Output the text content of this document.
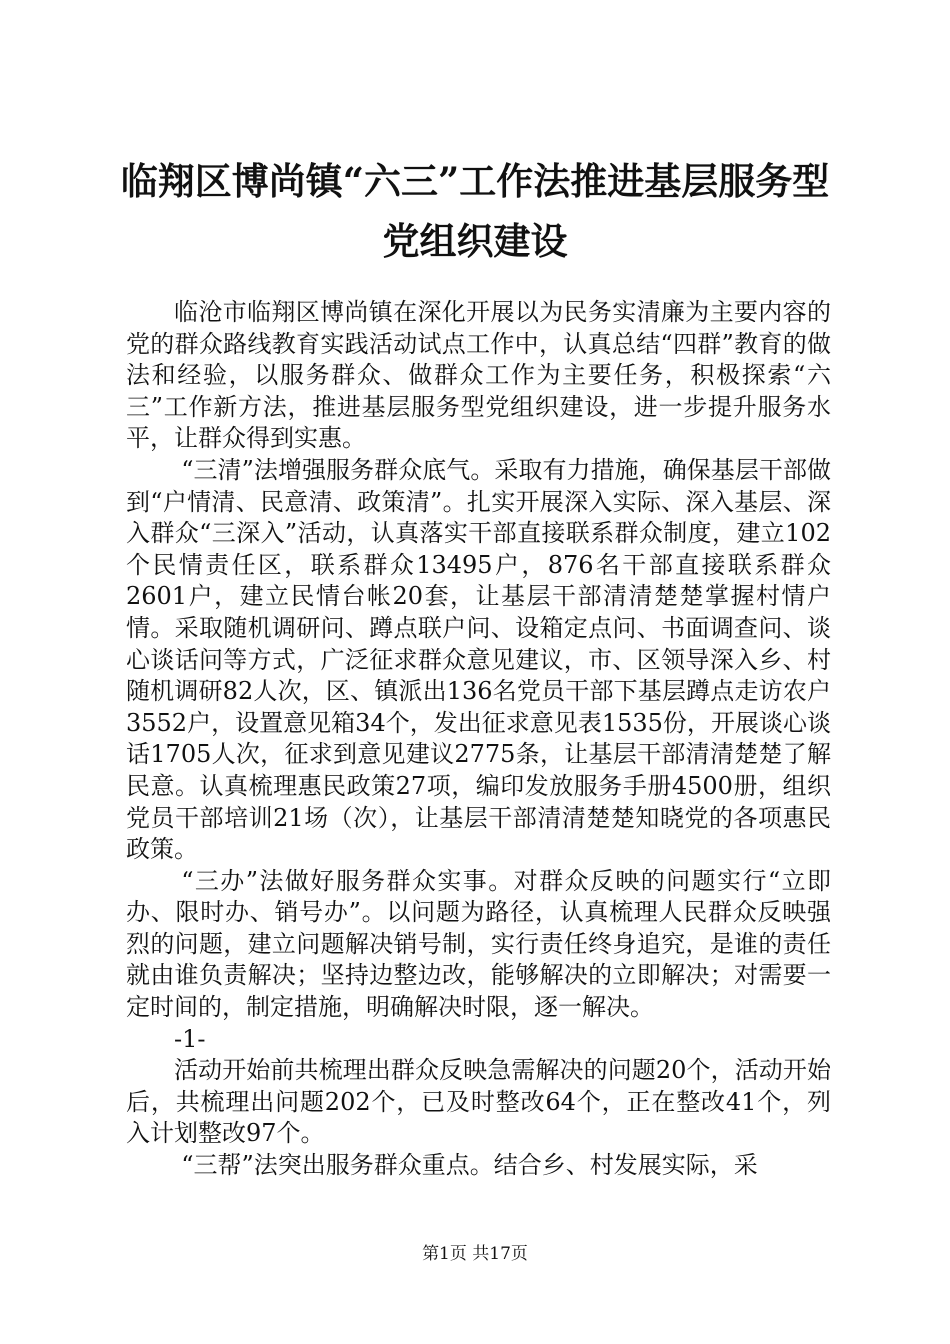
临翔区博尚镇“六三”工作法推进基层服务型
党组织建设

临沧市临翔区博尚镇在深化开展以为民务实清廉为主要内容的党的群众路线教育实践活动试点工作中，认真总结“四群”教育的做法和经验，以服务群众、做群众工作为主要任务，积极探索“六三”工作新方法，推进基层服务型党组织建设，进一步提升服务水平，让群众得到实惠。

“三清”法增强服务群众底气。采取有力措施，确保基层干部做到“户情清、民意清、政策清”。扎实开展深入实际、深入基层、深入群众“三深入”活动，认真落实干部直接联系群众制度，建立102个民情责任区，联系群众13495户，876名干部直接联系群众2601户，建立民情台帐20套，让基层干部清清楚楚掌握村情户情。采取随机调研问、蹲点联户问、设箱定点问、书面调查问、谈心谈话问等方式，广泛征求群众意见建议，市、区领导深入乡、村随机调研82人次，区、镇派出136名党员干部下基层蹲点走访农户3552户，设置意见箱34个，发出征求意见表1535份，开展谈心谈话1705人次，征求到意见建议2775条，让基层干部清清楚楚了解民意。认真梳理惠民政策27项，编印发放服务手册4500册，组织党员干部培训21场（次），让基层干部清清楚楚知晓党的各项惠民政策。

“三办”法做好服务群众实事。对群众反映的问题实行“立即办、限时办、销号办”。以问题为路径，认真梳理人民群众反映强烈的问题，建立问题解决销号制，实行责任终身追究，是谁的责任就由谁负责解决；坚持边整边改，能够解决的立即解决；对需要一定时间的，制定措施，明确解决时限，逐一解决。

-1-

活动开始前共梳理出群众反映急需解决的问题20个，活动开始后，共梳理出问题202个，已及时整改64个，正在整改41个，列入计划整改97个。

“三帮”法突出服务群众重点。结合乡、村发展实际，采

第1页 共17页
